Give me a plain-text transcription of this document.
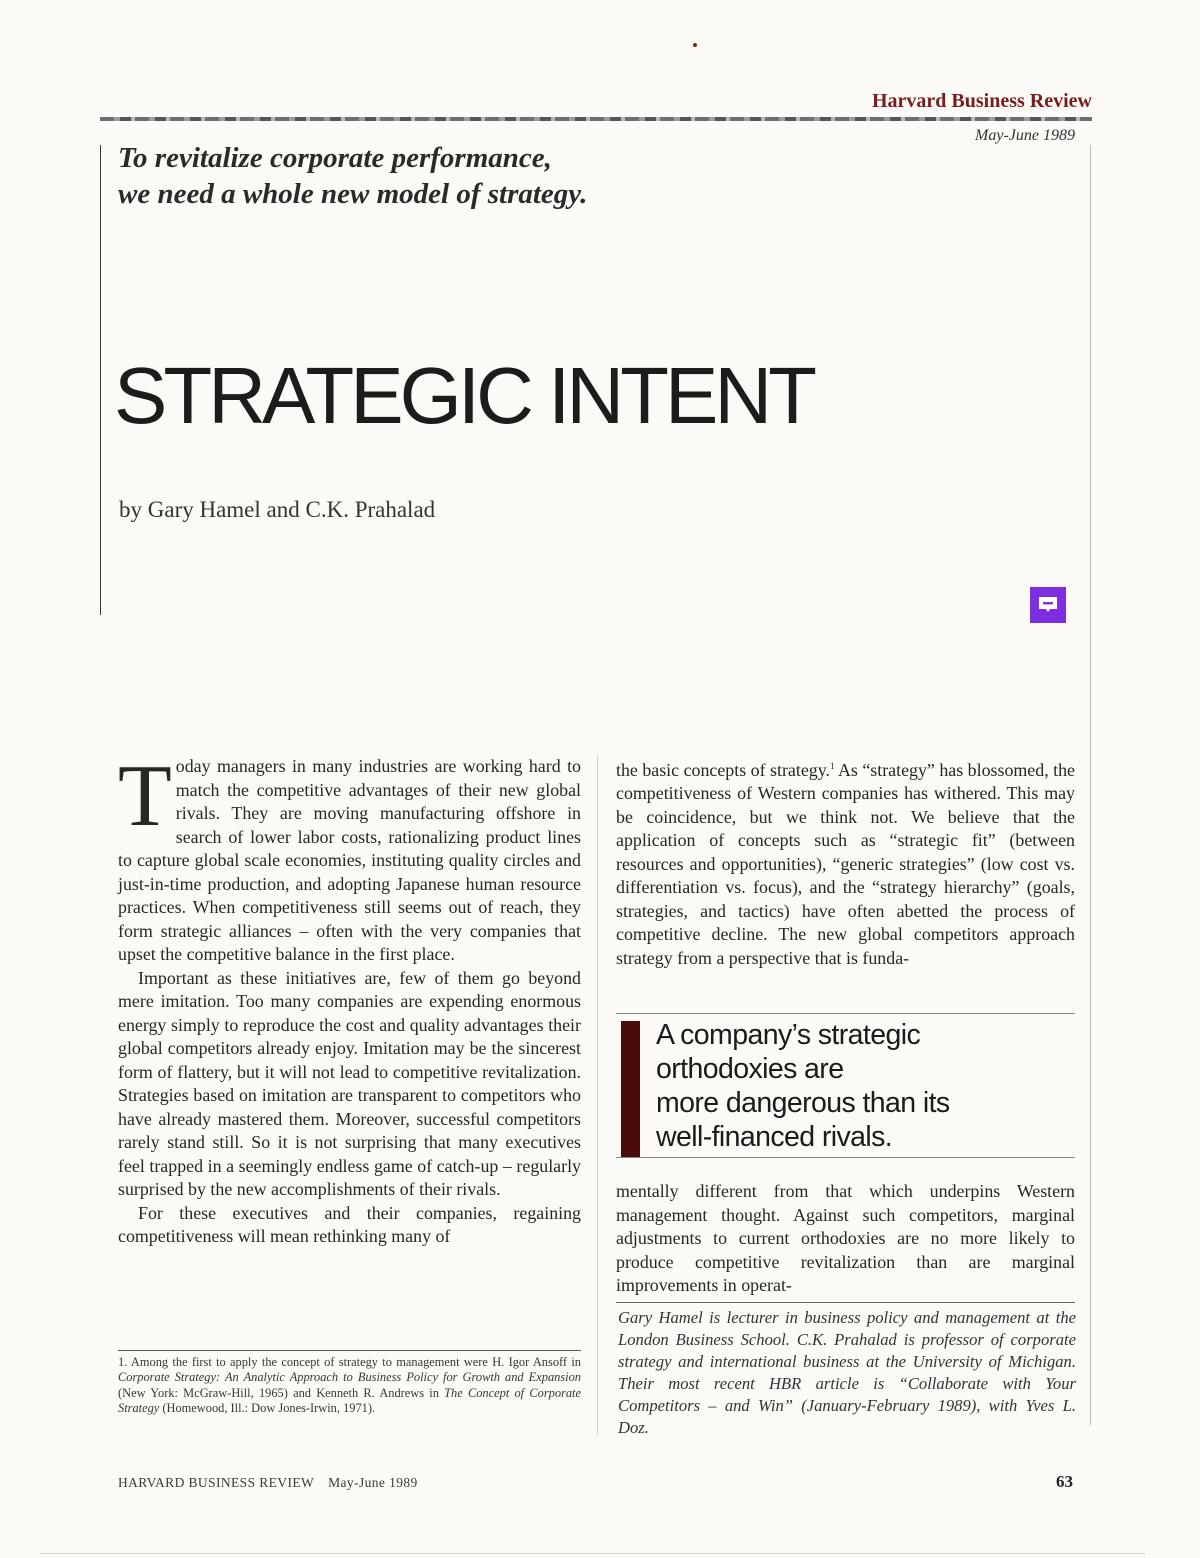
Harvard Business Review
May-June 1989
To revitalize corporate performance,
we need a whole new model of strategy.
STRATEGIC INTENT
by Gary Hamel and C.K. Prahalad

Today managers in many industries are working hard to match the competitive advantages of their new global rivals. They are moving manufacturing offshore in search of lower labor costs, rationalizing product lines to capture global scale economies, instituting quality circles and just-in-time production, and adopting Japanese human resource practices. When competitiveness still seems out of reach, they form strategic alliances – often with the very companies that upset the competitive balance in the first place.

Important as these initiatives are, few of them go beyond mere imitation. Too many companies are expending enormous energy simply to reproduce the cost and quality advantages their global competitors already enjoy. Imitation may be the sincerest form of flattery, but it will not lead to competitive revitalization. Strategies based on imitation are transparent to competitors who have already mastered them. Moreover, successful competitors rarely stand still. So it is not surprising that many executives feel trapped in a seemingly endless game of catch-up – regularly surprised by the new accomplishments of their rivals.

For these executives and their companies, regaining competitiveness will mean rethinking many of

the basic concepts of strategy.$^1$ As “strategy” has blossomed, the competitiveness of Western companies has withered. This may be coincidence, but we think not. We believe that the application of concepts such as “strategic fit” (between resources and opportunities), “generic strategies” (low cost vs. differentiation vs. focus), and the “strategy hierarchy” (goals, strategies, and tactics) have often abetted the process of competitive decline. The new global competitors approach strategy from a perspective that is funda-

A company’s strategic
orthodoxies are
more dangerous than its
well-financed rivals.

mentally different from that which underpins Western management thought. Against such competitors, marginal adjustments to current orthodoxies are no more likely to produce competitive revitalization than are marginal improvements in operat-

Gary Hamel is lecturer in business policy and management at the London Business School. C.K. Prahalad is professor of corporate strategy and international business at the University of Michigan. Their most recent HBR article is “Collaborate with Your Competitors – and Win” (January-February 1989), with Yves L. Doz.
1. Among the first to apply the concept of strategy to management were H. Igor Ansoff in Corporate Strategy: An Analytic Approach to Business Policy for Growth and Expansion (New York: McGraw-Hill, 1965) and Kenneth R. Andrews in The Concept of Corporate Strategy (Homewood, Ill.: Dow Jones-Irwin, 1971).
HARVARD BUSINESS REVIEW May-June 1989	63
